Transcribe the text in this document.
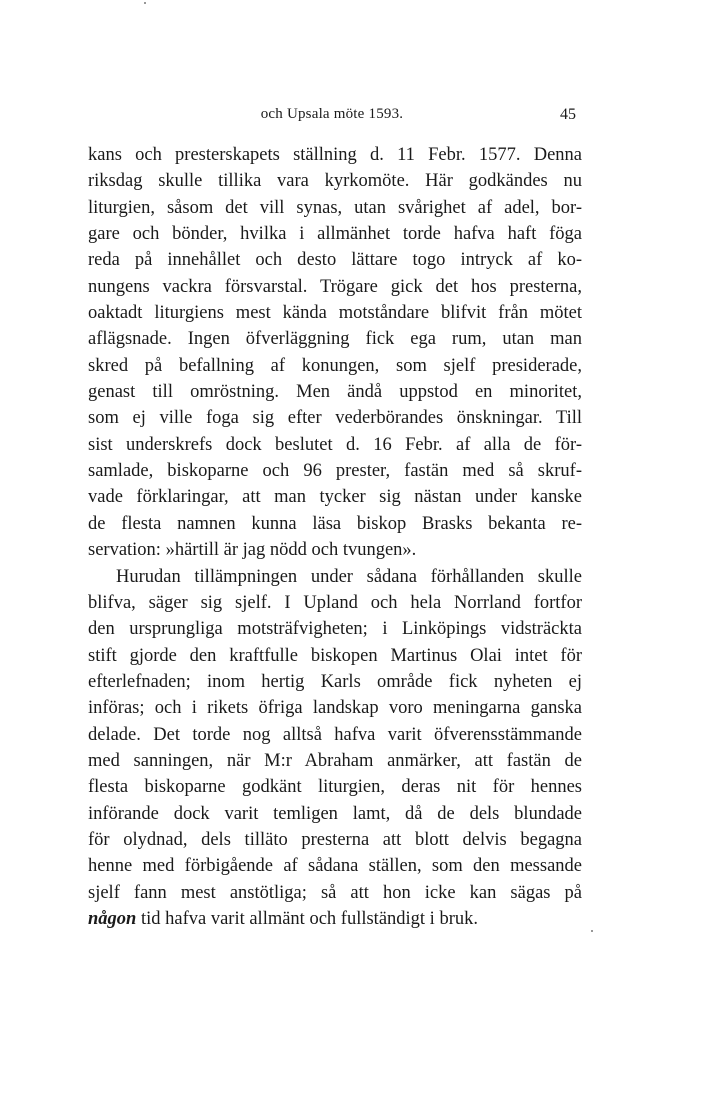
och Upsala möte 1593.	45
kans och presterskapets ställning d. 11 Febr. 1577. Denna
riksdag skulle tillika vara kyrkomöte. Här godkändes nu
liturgien, såsom det vill synas, utan svårighet af adel, bor-
gare och bönder, hvilka i allmänhet torde hafva haft föga
reda på innehållet och desto lättare togo intryck af ko-
nungens vackra försvarstal. Trögare gick det hos presterna,
oaktadt liturgiens mest kända motståndare blifvit från mötet
aflägsnade. Ingen öfverläggning fick ega rum, utan man
skred på befallning af konungen, som sjelf presiderade,
genast till omröstning. Men ändå uppstod en minoritet,
som ej ville foga sig efter vederbörandes önskningar. Till
sist underskrefs dock beslutet d. 16 Febr. af alla de för-
samlade, biskoparne och 96 prester, fastän med så skruf-
vade förklaringar, att man tycker sig nästan under kanske
de flesta namnen kunna läsa biskop Brasks bekanta re-
servation: »härtill är jag nödd och tvungen».
Hurudan tillämpningen under sådana förhållanden skulle
blifva, säger sig sjelf. I Upland och hela Norrland fortfor
den ursprungliga motsträfvigheten; i Linköpings vidsträckta
stift gjorde den kraftfulle biskopen Martinus Olai intet för
efterlefnaden; inom hertig Karls område fick nyheten ej
införas; och i rikets öfriga landskap voro meningarna ganska
delade. Det torde nog alltså hafva varit öfverensstämmande
med sanningen, när M:r Abraham anmärker, att fastän de
flesta biskoparne godkänt liturgien, deras nit för hennes
införande dock varit temligen lamt, då de dels blundade
för olydnad, dels tilläto presterna att blott delvis begagna
henne med förbigående af sådana ställen, som den messande
sjelf fann mest anstötliga; så att hon icke kan sägas på
någon tid hafva varit allmänt och fullständigt i bruk.
